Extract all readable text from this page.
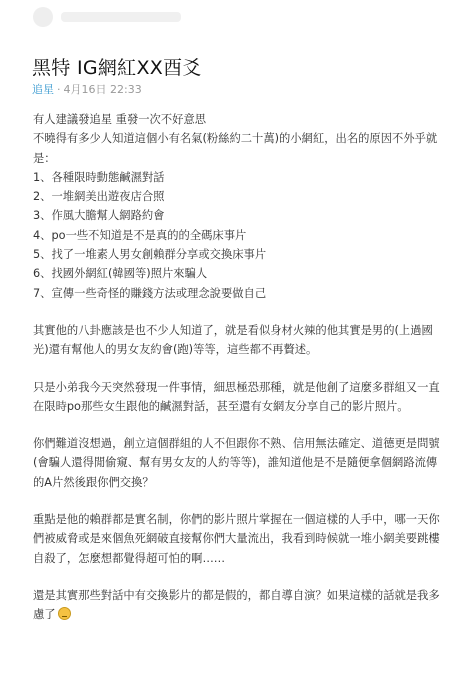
黑特 IG網紅XX酉爻
追星 · 4月16日 22:33

有人建議發追星 重發一次不好意思
不曉得有多少人知道這個小有名氣(粉絲約二十萬)的小網紅，出名的原因不外乎就是：
1、各種限時動態鹹濕對話
2、一堆網美出遊夜店合照
3、作風大膽幫人網路約會
4、po一些不知道是不是真的的全碼床事片
5、找了一堆素人男女創賴群分享或交換床事片
6、找國外網紅(韓國等)照片來騙人
7、宣傳一些奇怪的賺錢方法或理念說要做自己

其實他的八卦應該是也不少人知道了，就是看似身材火辣的他其實是男的(上過國光)還有幫他人的男女友約會(跑)等等，這些都不再贅述。

只是小弟我今天突然發現一件事情，細思極恐那種，就是他創了這麼多群組又一直在限時po那些女生跟他的鹹濕對話，甚至還有女網友分享自己的影片照片。

你們難道沒想過，創立這個群組的人不但跟你不熟、信用無法確定、道德更是問號(會騙人還得閒偷窺、幫有男女友的人約等等)，誰知道他是不是隨便拿個網路流傳的A片然後跟你們交換？

重點是他的賴群都是實名制，你們的影片照片掌握在一個這樣的人手中，哪一天你們被威脅或是來個魚死網破直接幫你們大量流出，我看到時候就一堆小網美要跳樓自殺了，怎麼想都覺得超可怕的啊……

還是其實那些對話中有交換影片的都是假的，都自導自演？如果這樣的話就是我多慮了
